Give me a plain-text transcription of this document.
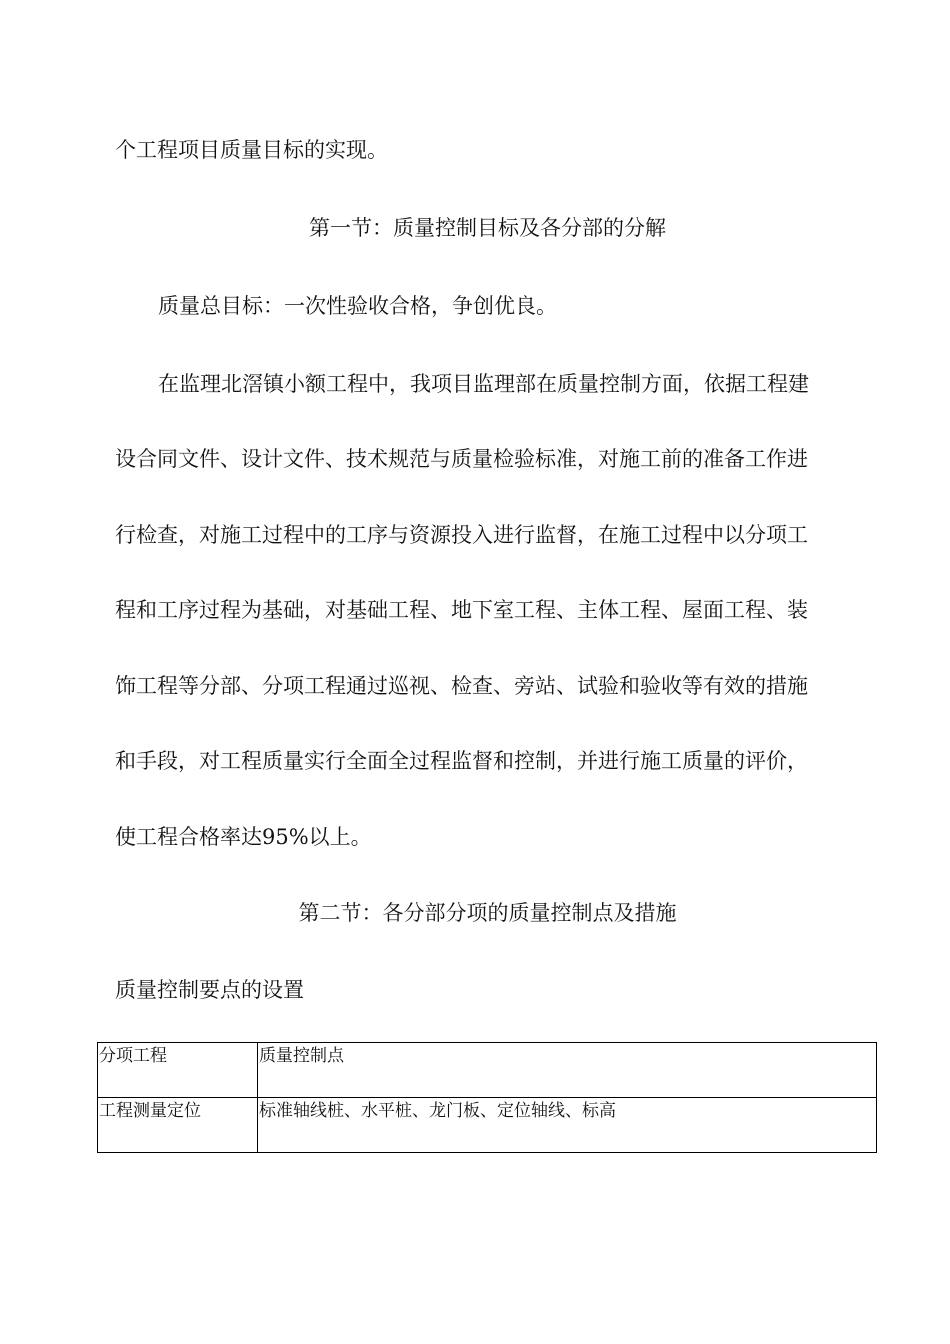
个工程项目质量目标的实现。
第一节：质量控制目标及各分部的分解
质量总目标：一次性验收合格，争创优良。
在监理北滘镇小额工程中，我项目监理部在质量控制方面，依据工程建
设合同文件、设计文件、技术规范与质量检验标准，对施工前的准备工作进
行检查，对施工过程中的工序与资源投入进行监督，在施工过程中以分项工
程和工序过程为基础，对基础工程、地下室工程、主体工程、屋面工程、装
饰工程等分部、分项工程通过巡视、检查、旁站、试验和验收等有效的措施
和手段，对工程质量实行全面全过程监督和控制，并进行施工质量的评价，
使工程合格率达95%以上。
第二节：各分部分项的质量控制点及措施
质量控制要点的设置
分项工程	质量控制点
工程测量定位	标准轴线桩、水平桩、龙门板、定位轴线、标高
